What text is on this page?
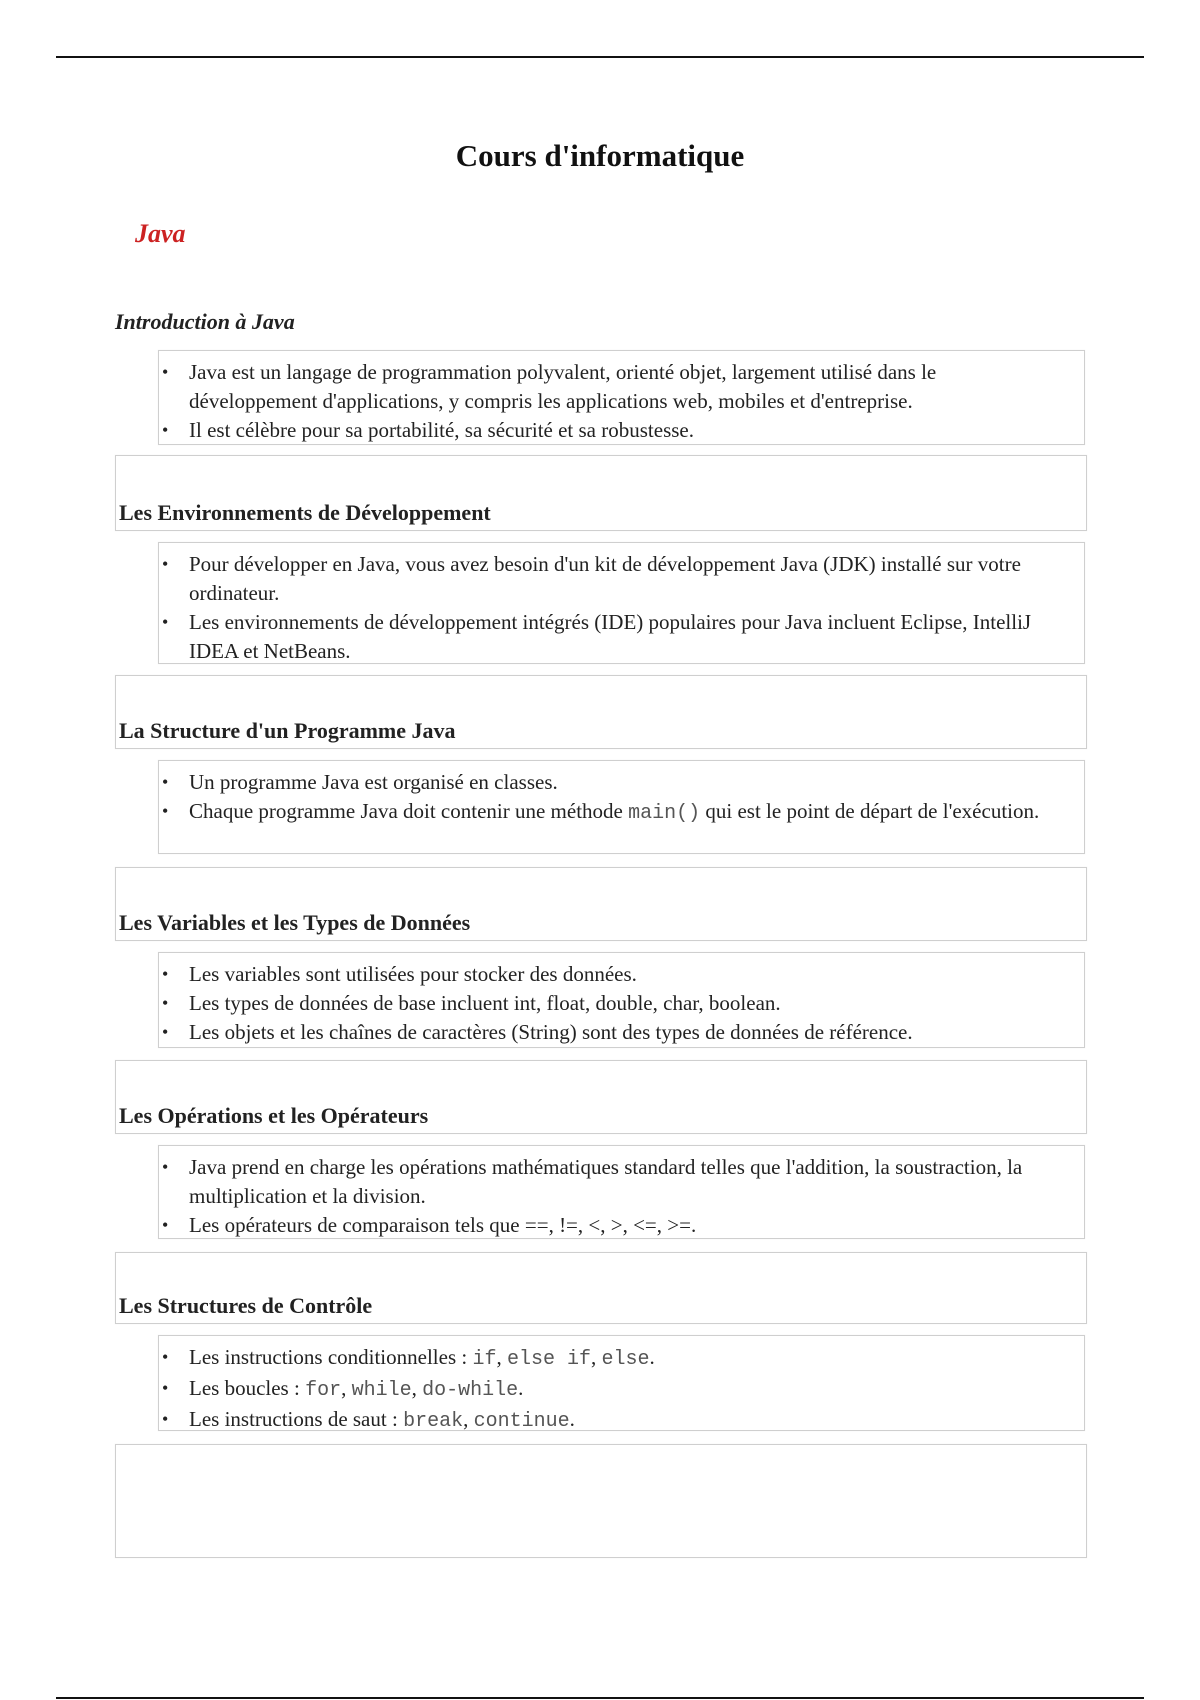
Cours d'informatique
Java
Introduction à Java
• Java est un langage de programmation polyvalent, orienté objet, largement utilisé dans le développement d'applications, y compris les applications web, mobiles et d'entreprise.
• Il est célèbre pour sa portabilité, sa sécurité et sa robustesse.
Les Environnements de Développement
• Pour développer en Java, vous avez besoin d'un kit de développement Java (JDK) installé sur votre ordinateur.
• Les environnements de développement intégrés (IDE) populaires pour Java incluent Eclipse, IntelliJ IDEA et NetBeans.
La Structure d'un Programme Java
• Un programme Java est organisé en classes.
• Chaque programme Java doit contenir une méthode main() qui est le point de départ de l'exécution.
Les Variables et les Types de Données
• Les variables sont utilisées pour stocker des données.
• Les types de données de base incluent int, float, double, char, boolean.
• Les objets et les chaînes de caractères (String) sont des types de données de référence.
Les Opérations et les Opérateurs
• Java prend en charge les opérations mathématiques standard telles que l'addition, la soustraction, la multiplication et la division.
• Les opérateurs de comparaison tels que ==, !=, <, >, <=, >=.
Les Structures de Contrôle
• Les instructions conditionnelles : if, else if, else.
• Les boucles : for, while, do-while.
• Les instructions de saut : break, continue.
